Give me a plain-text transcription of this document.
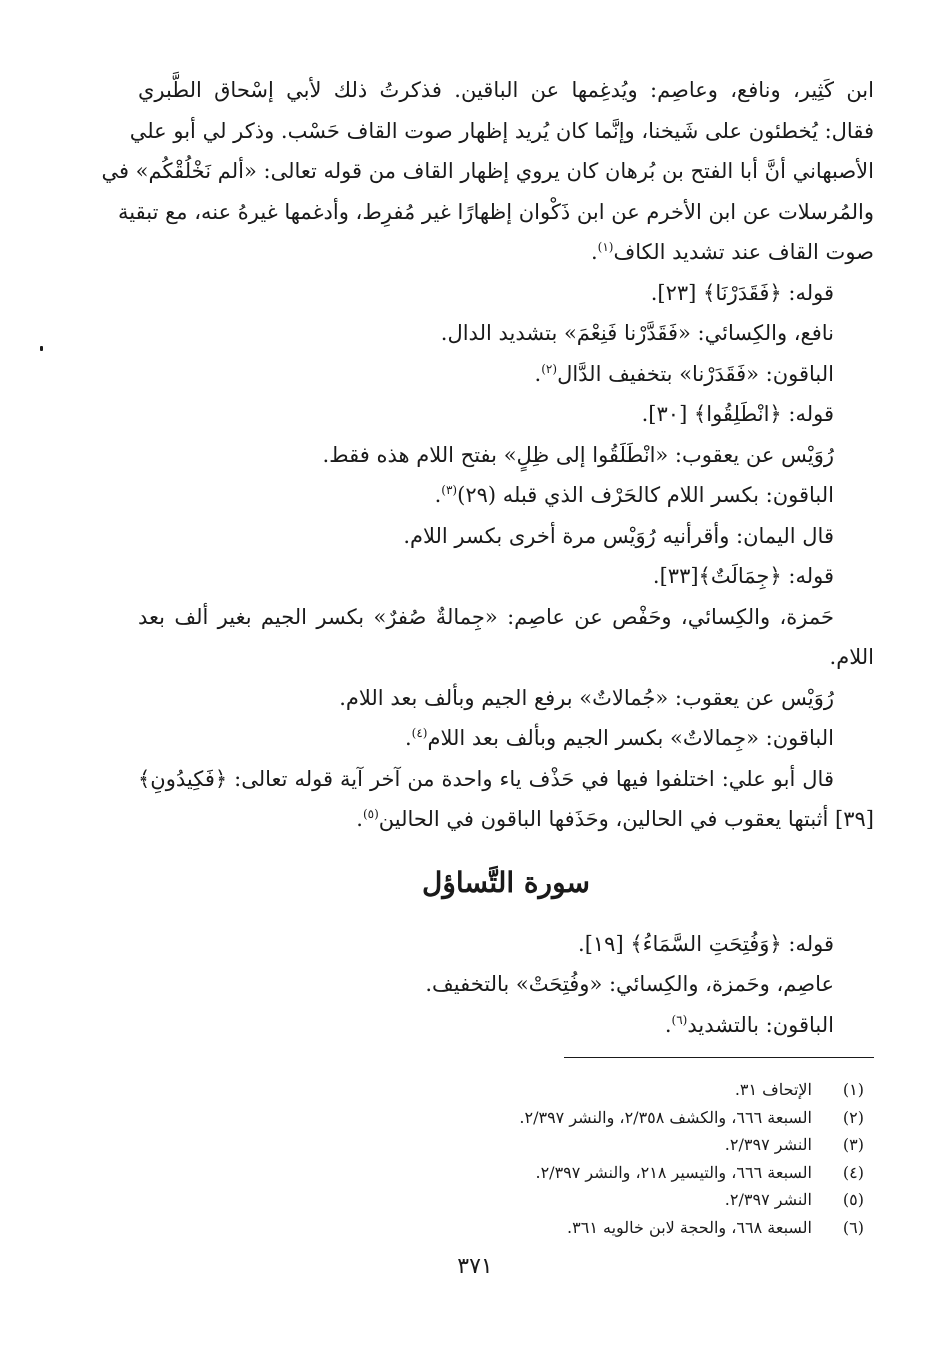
ابن كَثِير، ونافع، وعاصِم: ويُدغِمها عن الباقين. فذكرتُ ذلك لأبي إسْحاق الطَّبري
فقال: يُخطئون على شَيخنا، وإنَّما كان يُريد إظهار صوت القاف حَسْب. وذكر لي أبو علي
الأصبهاني أنَّ أبا الفتح بن بُرهان كان يروي إظهار القاف من قوله تعالى: «ألم نَخْلُقْكُم» في
والمُرسلات عن ابن الأخرم عن ابن ذَكْوان إظهارًا غير مُفرِط، وأدغمها غيرهُ عنه، مع تبقية
صوت القاف عند تشديد الكاف$^{(١)}$.
قوله: ﴿فَقَدَرْنَا﴾ [٢٣].
نافع، والكِسائي: «فَقَدَّرْنا فَنِعْمَ» بتشديد الدال.
الباقون: «فَقَدَرْنا» بتخفيف الدَّال$^{(٢)}$.
قوله: ﴿انْطَلِقُوا﴾ [٣٠].
رُوَيْس عن يعقوب: «انْطَلَقُوا إلى ظِلٍ» بفتح اللام هذه فقط.
الباقون: بكسر اللام كالحَرْف الذي قبله (٢٩)$^{(٣)}$.
قال اليمان: وأقرأنيه رُوَيْس مرة أخرى بكسر اللام.
قوله: ﴿جِمَالَتٌ﴾[٣٣].
حَمزة، والكِسائي، وحَفْص عن عاصِم: «جِمالةٌ صُفرٌ» بكسر الجيم بغير ألف بعد
اللام.
رُوَيْس عن يعقوب: «جُمالاتٌ» برفع الجيم وبألف بعد اللام.
الباقون: «جِمالاتٌ» بكسر الجيم وبألف بعد اللام$^{(٤)}$.
قال أبو علي: اختلفوا فيها في حَذْف ياء واحدة من آخر آية قوله تعالى: ﴿فَكِيدُونِ﴾
[٣٩] أثبتها يعقوب في الحالين، وحَذَفها الباقون في الحالين$^{(٥)}$.
سورة التَّساؤل
قوله: ﴿وَفُتِحَتِ السَّمَاءُ﴾ [١٩].
عاصِم، وحَمزة، والكِسائي: «وفُتِحَتْ» بالتخفيف.
الباقون: بالتشديد$^{(٦)}$.
(١)الإتحاف ٣١.
(٢)السبعة ٦٦٦، والكشف ٢/٣٥٨، والنشر ٢/٣٩٧.
(٣)النشر ٢/٣٩٧.
(٤)السبعة ٦٦٦، والتيسير ٢١٨، والنشر ٢/٣٩٧.
(٥)النشر ٢/٣٩٧.
(٦)السبعة ٦٦٨، والحجة لابن خالويه ٣٦١.
٣٧١
